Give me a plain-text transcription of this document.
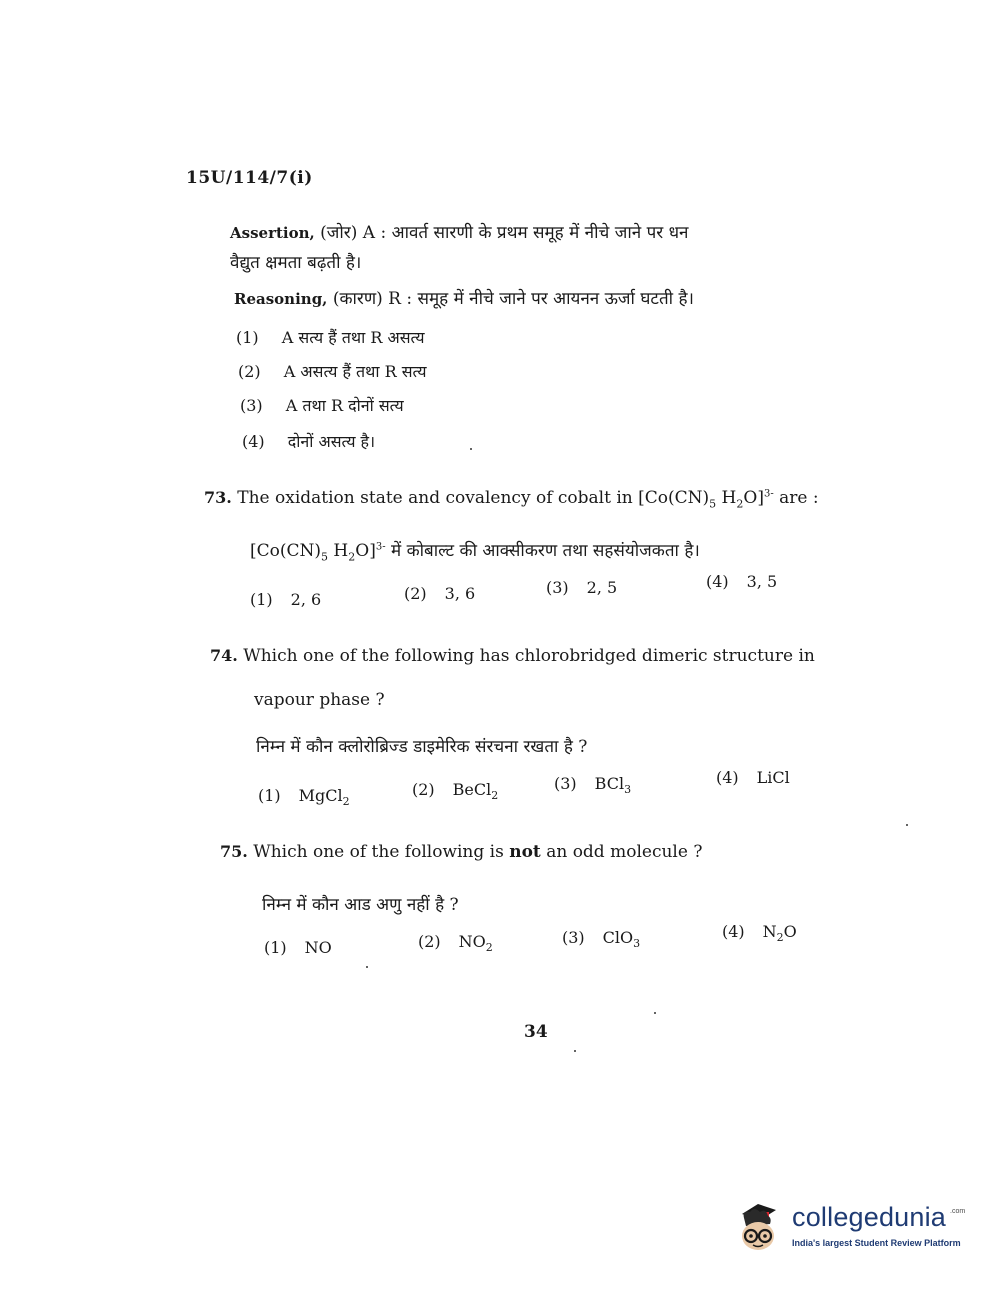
15U/114/7(i)
Assertion, (जोर) A : आवर्त सारणी के प्रथम समूह में नीचे जाने पर धन
वैद्युत क्षमता बढ़ती है।
Reasoning, (कारण) R : समूह में नीचे जाने पर आयनन ऊर्जा घटती है।
(1) A सत्य हैं तथा R असत्य
(2) A असत्य हैं तथा R सत्य
(3) A तथा R दोनों सत्य
(4) दोनों असत्य है।
73. The oxidation state and covalency of cobalt in [$Co(CN)_5$ $H_2O]^{3-}$ are :
[$Co(CN)_5$ $H_2O]^{3-}$ में कोबाल्ट की आक्सीकरण तथा सहसंयोजकता है।
(1) 2, 6	(2) 3, 6	(3) 2, 5	(4) 3, 5
74. Which one of the following has chlorobridged dimeric structure in
vapour phase ?
निम्न में कौन क्लोरोब्रिज्ड डाइमेरिक संरचना रखता है ?
(1) MgCl$_2$
(2) BeCl$_2$
(3) BCl$_3$
(4) LiCl
75. Which one of the following is not an odd molecule ?
निम्न में कौन आड अणु नहीं है ?
(1) NO	(2) $NO_2$
(3) ClO$_3$
(4) $N_2O$
34
collegedunia .com
India's largest Student Review Platform
